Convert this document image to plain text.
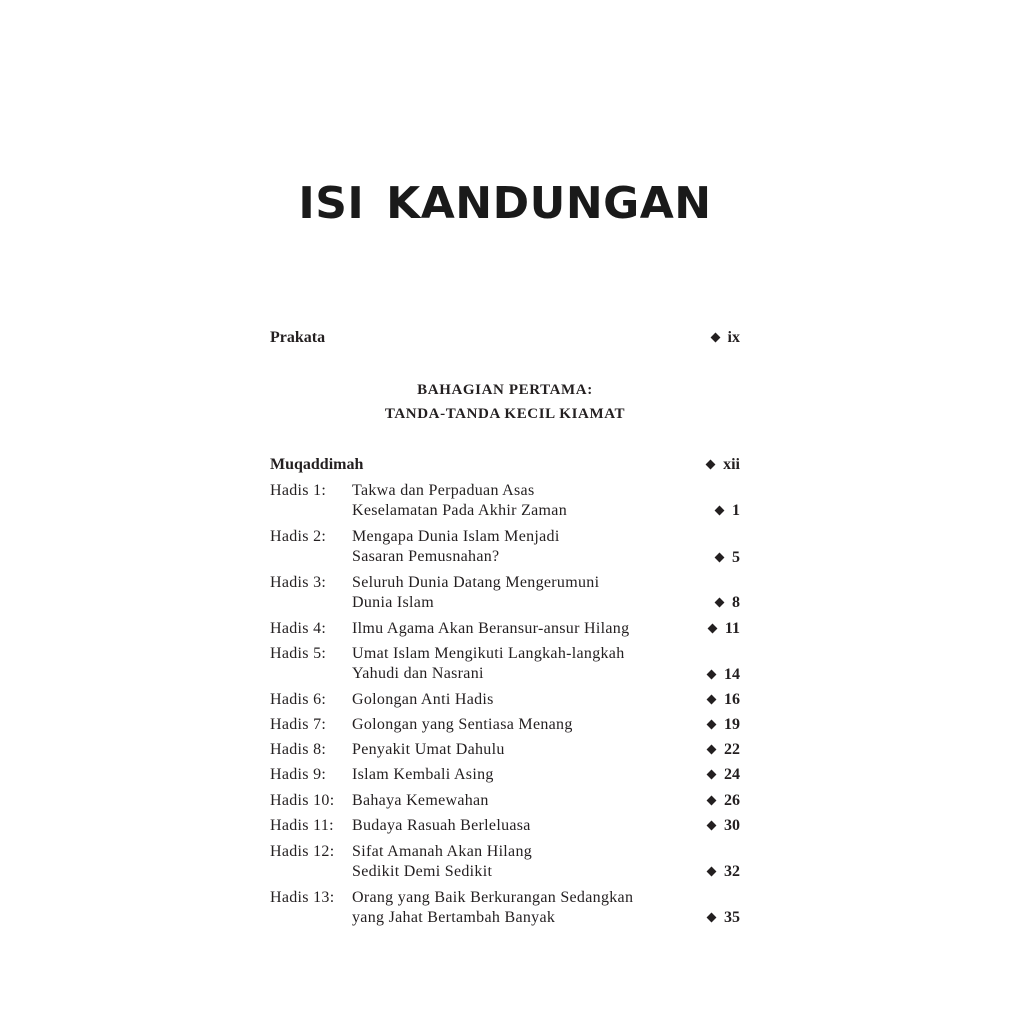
ISI KANDUNGAN
Prakata	ix
BAHAGIAN PERTAMA:
TANDA-TANDA KECIL KIAMAT
Muqaddimah	xii
Hadis 1: Takwa dan Perpaduan Asas
Keselamatan Pada Akhir Zaman	1
Hadis 2: Mengapa Dunia Islam Menjadi
Sasaran Pemusnahan?	5
Hadis 3: Seluruh Dunia Datang Mengerumuni
Dunia Islam	8
Hadis 4: Ilmu Agama Akan Beransur-ansur Hilang	11
Hadis 5: Umat Islam Mengikuti Langkah-langkah
Yahudi dan Nasrani	14
Hadis 6: Golongan Anti Hadis	16
Hadis 7: Golongan yang Sentiasa Menang	19
Hadis 8: Penyakit Umat Dahulu	22
Hadis 9: Islam Kembali Asing	24
Hadis 10: Bahaya Kemewahan	26
Hadis 11: Budaya Rasuah Berleluasa	30
Hadis 12: Sifat Amanah Akan Hilang
Sedikit Demi Sedikit	32
Hadis 13: Orang yang Baik Berkurangan Sedangkan
yang Jahat Bertambah Banyak	35
